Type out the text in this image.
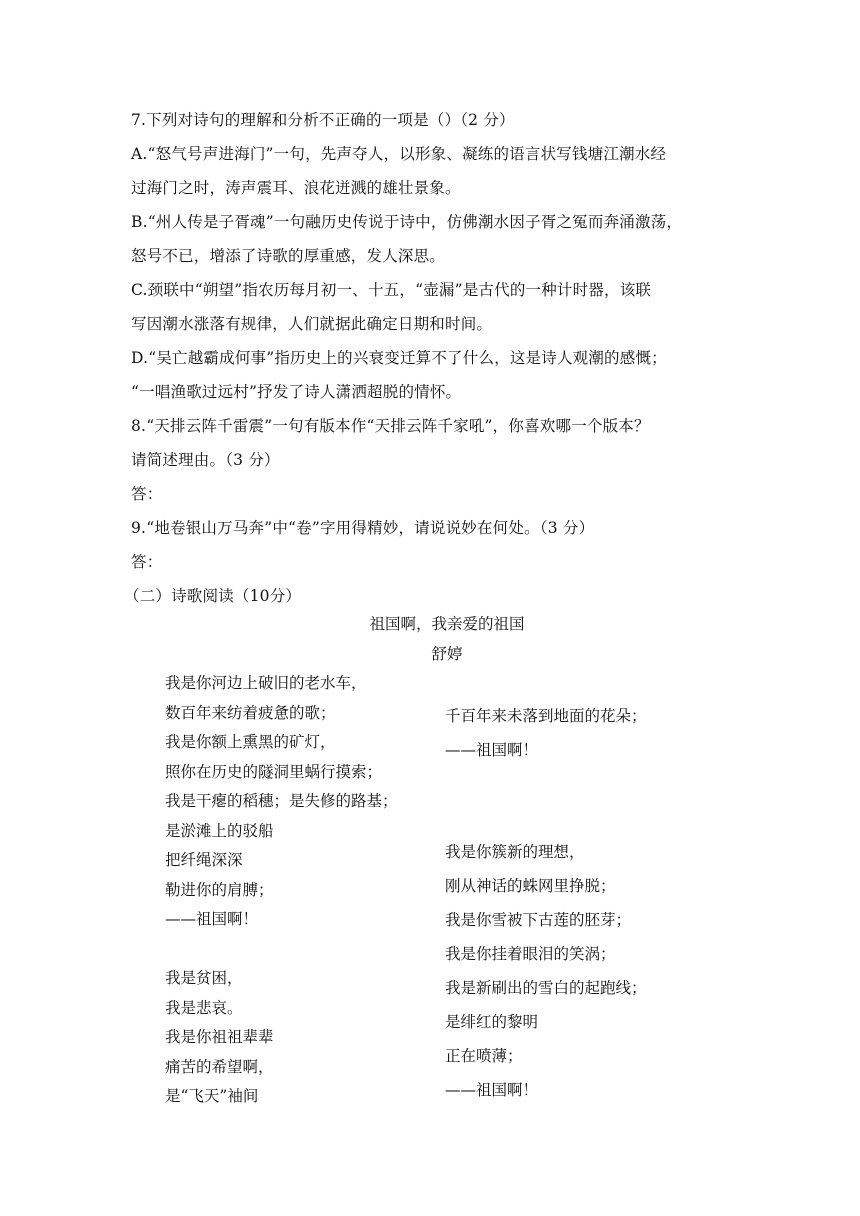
7.下列对诗句的理解和分析不正确的一项是（）（2 分）
A.“怒气号声进海门”一句，先声夺人，以形象、凝练的语言状写钱塘江潮水经
过海门之时，涛声震耳、浪花迸溅的雄壮景象。
B.“州人传是子胥魂”一句融历史传说于诗中，仿佛潮水因子胥之冤而奔涌激荡，
怒号不已，增添了诗歌的厚重感，发人深思。
C.颈联中“朔望”指农历每月初一、十五，“壶漏”是古代的一种计时器，该联
写因潮水涨落有规律，人们就据此确定日期和时间。
D.“吴亡越霸成何事”指历史上的兴衰变迁算不了什么，这是诗人观潮的感慨；
“一唱渔歌过远村”抒发了诗人潇洒超脱的情怀。
8.“天排云阵千雷震”一句有版本作“天排云阵千家吼”，你喜欢哪一个版本？
请简述理由。（3 分）
答：
9.“地卷银山万马奔”中“卷”字用得精妙，请说说妙在何处。（3 分）
答：
（二）诗歌阅读（10分）
祖国啊，我亲爱的祖国
舒婷
我是你河边上破旧的老水车，
数百年来纺着疲惫的歌；
我是你额上熏黑的矿灯，
照你在历史的隧洞里蜗行摸索；
我是干瘪的稻穗；是失修的路基；
是淤滩上的驳船
把纤绳深深
勒进你的肩膊；
——祖国啊！
我是贫困，
我是悲哀。
我是你祖祖辈辈
痛苦的希望啊，
是“飞天”袖间
千百年来未落到地面的花朵；
——祖国啊！
我是你簇新的理想，
刚从神话的蛛网里挣脱；
我是你雪被下古莲的胚芽；
我是你挂着眼泪的笑涡；
我是新刷出的雪白的起跑线；
是绯红的黎明
正在喷薄；
——祖国啊！
